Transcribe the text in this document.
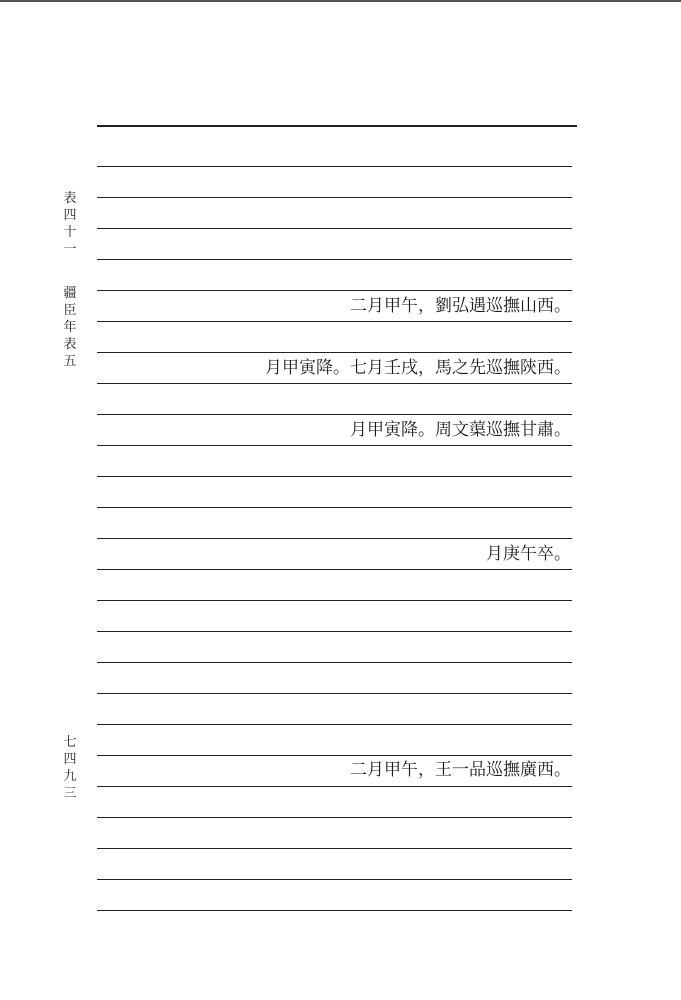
表
四
十
一
疆
臣
年
表
五
七
四
九
三
二月甲午，劉弘遇巡撫山西。
月甲寅降。七月壬戌，馬之先巡撫陝西。
月甲寅降。周文蕖巡撫甘肅。
月庚午卒。
二月甲午，王一品巡撫廣西。
